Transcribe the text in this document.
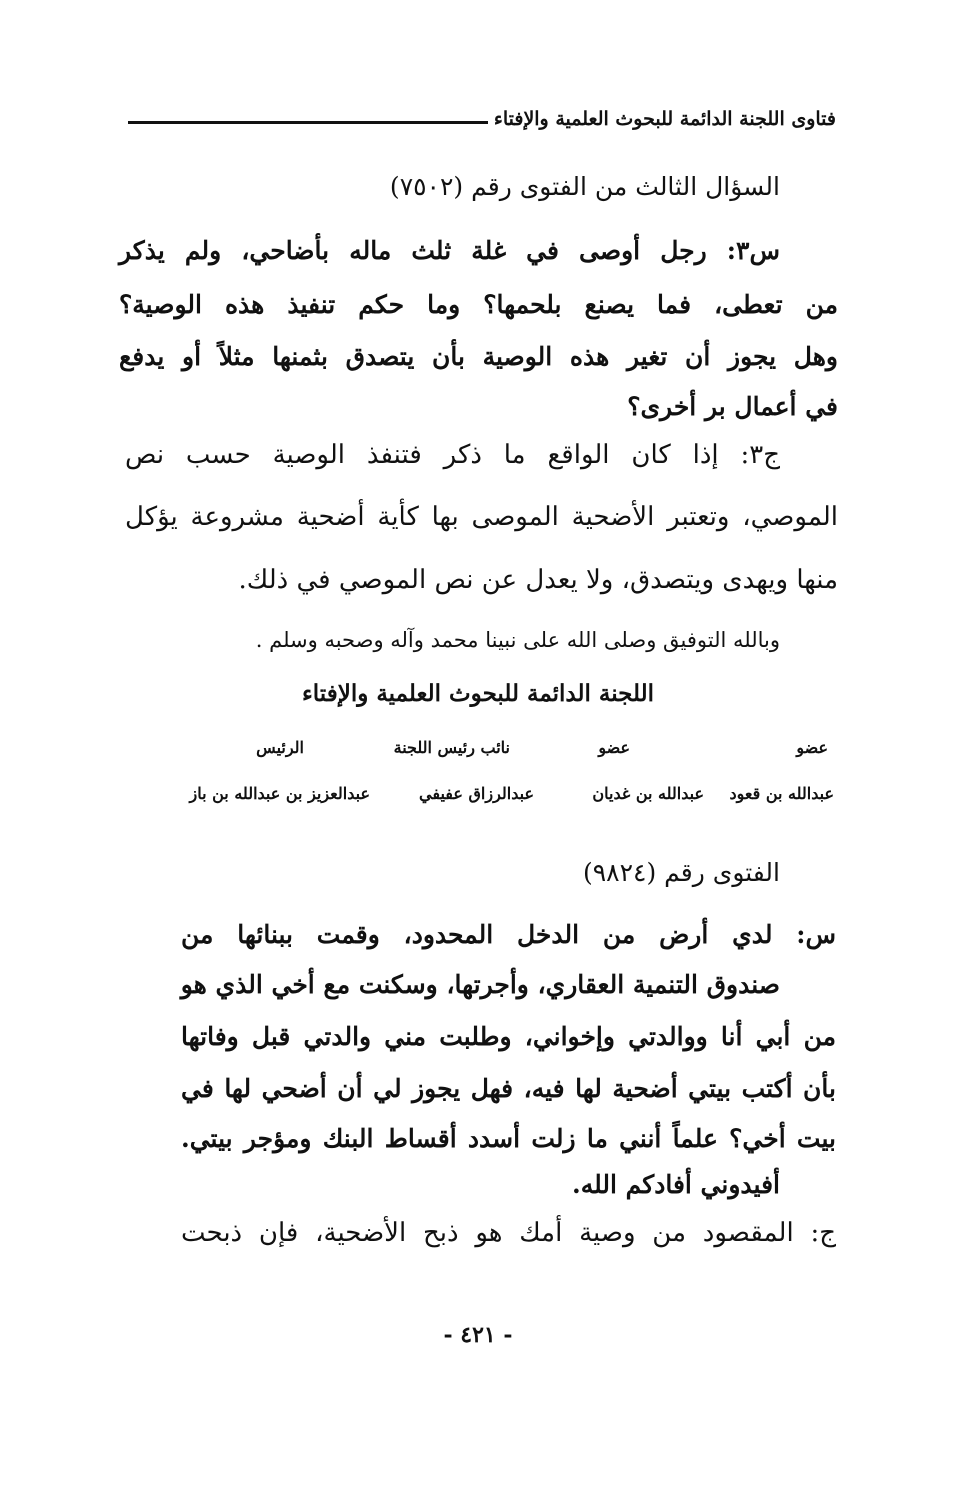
فتاوى اللجنة الدائمة للبحوث العلمية والإفتاء
السؤال الثالث من الفتوى رقم (٧٥٠٢)
س٣: رجل أوصى في غلة ثلث ماله بأضاحي، ولم يذكر
من تعطى، فما يصنع بلحمها؟ وما حكم تنفيذ هذه الوصية؟
وهل يجوز أن تغير هذه الوصية بأن يتصدق بثمنها مثلاً أو يدفع
في أعمال بر أخرى؟
ج٣: إذا كان الواقع ما ذكر فتنفذ الوصية حسب نص
الموصي، وتعتبر الأضحية الموصى بها كأية أضحية مشروعة يؤكل
منها ويهدى ويتصدق، ولا يعدل عن نص الموصي في ذلك.
وبالله التوفيق وصلى الله على نبينا محمد وآله وصحبه وسلم .
اللجنة الدائمة للبحوث العلمية والإفتاء
عضو
عضو
نائب رئيس اللجنة
الرئيس
عبدالله بن قعود
عبدالله بن غديان
عبدالرزاق عفيفي
عبدالعزيز بن عبدالله بن باز
الفتوى رقم (٩٨٢٤)
س: لدي أرض من الدخل المحدود، وقمت ببنائها من
صندوق التنمية العقاري، وأجرتها، وسكنت مع أخي الذي هو
من أبي أنا ووالدتي وإخواني، وطلبت مني والدتي قبل وفاتها
بأن أكتب بيتي أضحية لها فيه، فهل يجوز لي أن أضحي لها في
بيت أخي؟ علماً أنني ما زلت أسدد أقساط البنك ومؤجر بيتي.
أفيدوني أفادكم الله.
ج: المقصود من وصية أمك هو ذبح الأضحية، فإن ذبحت
- ٤٢١ -
